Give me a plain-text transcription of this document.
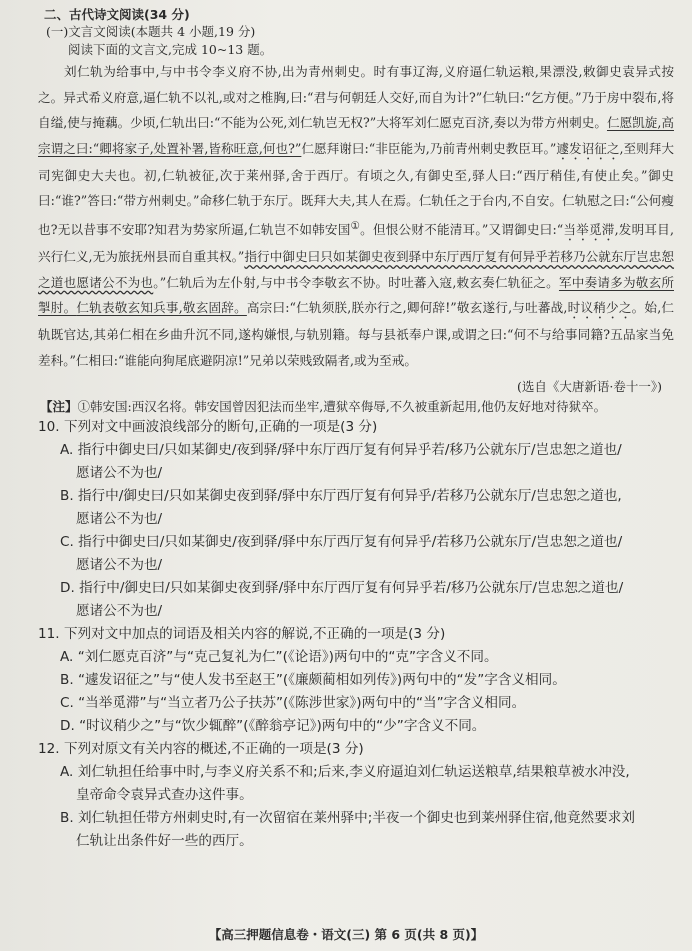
二、古代诗文阅读(34 分)
(一)文言文阅读(本题共 4 小题,19 分)
阅读下面的文言文,完成 10~13 题。

刘仁轨为给事中,与中书令李义府不协,出为青州刺史。时有事辽海,义府逼仁轨运粮,果漂没,敕御史袁异式按之。异式希义府意,逼仁轨不以礼,或对之椎胸,曰:“君与何朝廷人交好,而自为计?”仁轨曰:“乞方便。”乃于房中裂布,将自缢,使与掩藕。少顷,仁轨出曰:“不能为公死,刘仁轨岂无权?”大将军刘仁愿克百济,奏以为带方州刺史。仁愿凯旋,高宗谓之曰:“卿将家子,处置补署,皆称旺意,何也?”仁愿拜谢曰:“非臣能为,乃前青州刺史教臣耳。”遽发诏征之,至则拜大司宪御史大夫也。初,仁轨被征,次于莱州驿,舍于西厅。有顷之久,有御史至,驿人曰:“西厅稍佳,有使止矣。”御史曰:“谁?”答曰:“带方州刺史。”命移仁轨于东厅。既拜大夫,其人在焉。仁轨任之于台内,不自安。仁轨慰之曰:“公何瘦也?无以昔事不安耶?知君为势家所逼,仁轨岂不如韩安国①。但恨公财不能清耳。”又谓御史曰:“当举觅滞,发明耳目,兴行仁义,无为旅抚州县而自重其权。”指行中御史曰只如某御史夜到驿中东厅西厅复有何异乎若移乃公就东厅岂忠恕之道也愿诸公不为也。”仁轨后为左仆射,与中书令李敬玄不协。时吐蕃入寇,敕玄奏仁轨征之。军中奏请多为敬玄所掣肘。仁轨表敬玄知兵事,敬玄固辞。高宗曰:“仁轨须朕,朕亦行之,卿何辞!”敬玄遂行,与吐蕃战,时议稍少之。始,仁轨既官达,其弟仁相在乡曲升沉不同,遂构嫌恨,与轨别籍。每与县祇奉户课,或谓之曰:“何不与给事同籍?五品家当免差科。”仁相曰:“谁能向狗尾底避阴凉!”兄弟以荣贱致隔者,或为至戒。

(选自《大唐新语·卷十一》)
【注】①韩安国:西汉名将。韩安国曾因犯法而坐牢,遭狱卒侮辱,不久被重新起用,他仍友好地对待狱卒。
10. 下列对文中画波浪线部分的断句,正确的一项是(3 分)
A. 指行中御史曰/只如某御史/夜到驿/驿中东厅西厅复有何异乎若/移乃公就东厅/岂忠恕之道也/
愿诸公不为也/
B. 指行中/御史曰/只如某御史夜到驿/驿中东厅西厅复有何异乎/若移乃公就东厅/岂忠恕之道也,
愿诸公不为也/
C. 指行中御史曰/只如某御史/夜到驿/驿中东厅西厅复有何异乎/若移乃公就东厅/岂忠恕之道也/
愿诸公不为也/
D. 指行中/御史曰/只如某御史夜到驿/驿中东厅西厅复有何异乎若/移乃公就东厅/岂忠恕之道也/
愿诸公不为也/
11. 下列对文中加点的词语及相关内容的解说,不正确的一项是(3 分)
A. “刘仁愿克百济”与“克己复礼为仁”(《论语》)两句中的“克”字含义不同。
B. “遽发诏征之”与“使人发书至赵王”(《廉颇蔺相如列传》)两句中的“发”字含义相同。
C. “当举觅滞”与“当立者乃公子扶苏”(《陈涉世家》)两句中的“当”字含义相同。
D. “时议稍少之”与“饮少辄醉”(《醉翁亭记》)两句中的“少”字含义不同。
12. 下列对原文有关内容的概述,不正确的一项是(3 分)
A. 刘仁轨担任给事中时,与李义府关系不和;后来,李义府逼迫刘仁轨运送粮草,结果粮草被水冲没,
皇帝命令袁异式查办这件事。
B. 刘仁轨担任带方州刺史时,有一次留宿在莱州驿中;半夜一个御史也到莱州驿住宿,他竟然要求刘
仁轨让出条件好一些的西厅。
【高三押题信息卷・语文(三) 第 6 页(共 8 页)】
